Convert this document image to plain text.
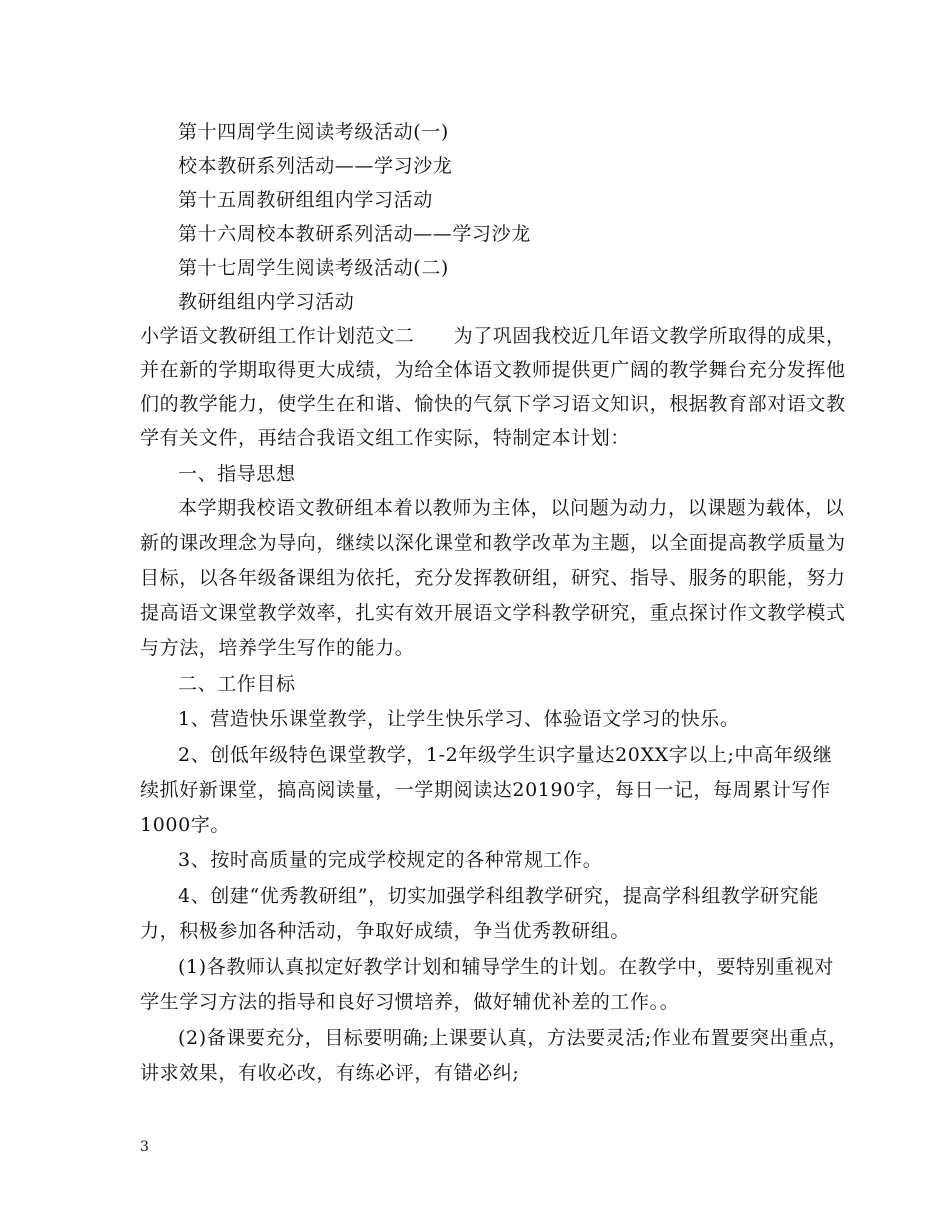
第十四周学生阅读考级活动(一)
校本教研系列活动——学习沙龙
第十五周教研组组内学习活动
第十六周校本教研系列活动——学习沙龙
第十七周学生阅读考级活动(二)
教研组组内学习活动
小学语文教研组工作计划范文二　　为了巩固我校近几年语文教学所取得的成果，
并在新的学期取得更大成绩，为给全体语文教师提供更广阔的教学舞台充分发挥他
们的教学能力，使学生在和谐、愉快的气氛下学习语文知识，根据教育部对语文教
学有关文件，再结合我语文组工作实际，特制定本计划：
一、指导思想
本学期我校语文教研组本着以教师为主体，以问题为动力，以课题为载体，以
新的课改理念为导向，继续以深化课堂和教学改革为主题，以全面提高教学质量为
目标，以各年级备课组为依托，充分发挥教研组，研究、指导、服务的职能，努力
提高语文课堂教学效率，扎实有效开展语文学科教学研究，重点探讨作文教学模式
与方法，培养学生写作的能力。
二、工作目标
1、营造快乐课堂教学，让学生快乐学习、体验语文学习的快乐。
2、创低年级特色课堂教学，1-2年级学生识字量达20XX字以上;中高年级继
续抓好新课堂，搞高阅读量，一学期阅读达20190字，每日一记，每周累计写作
1000字。
3、按时高质量的完成学校规定的各种常规工作。
4、创建“优秀教研组”，切实加强学科组教学研究，提高学科组教学研究能
力，积极参加各种活动，争取好成绩，争当优秀教研组。
(1)各教师认真拟定好教学计划和辅导学生的计划。在教学中，要特别重视对
学生学习方法的指导和良好习惯培养，做好辅优补差的工作。。
(2)备课要充分，目标要明确;上课要认真，方法要灵活;作业布置要突出重点，
讲求效果，有收必改，有练必评，有错必纠;
3
